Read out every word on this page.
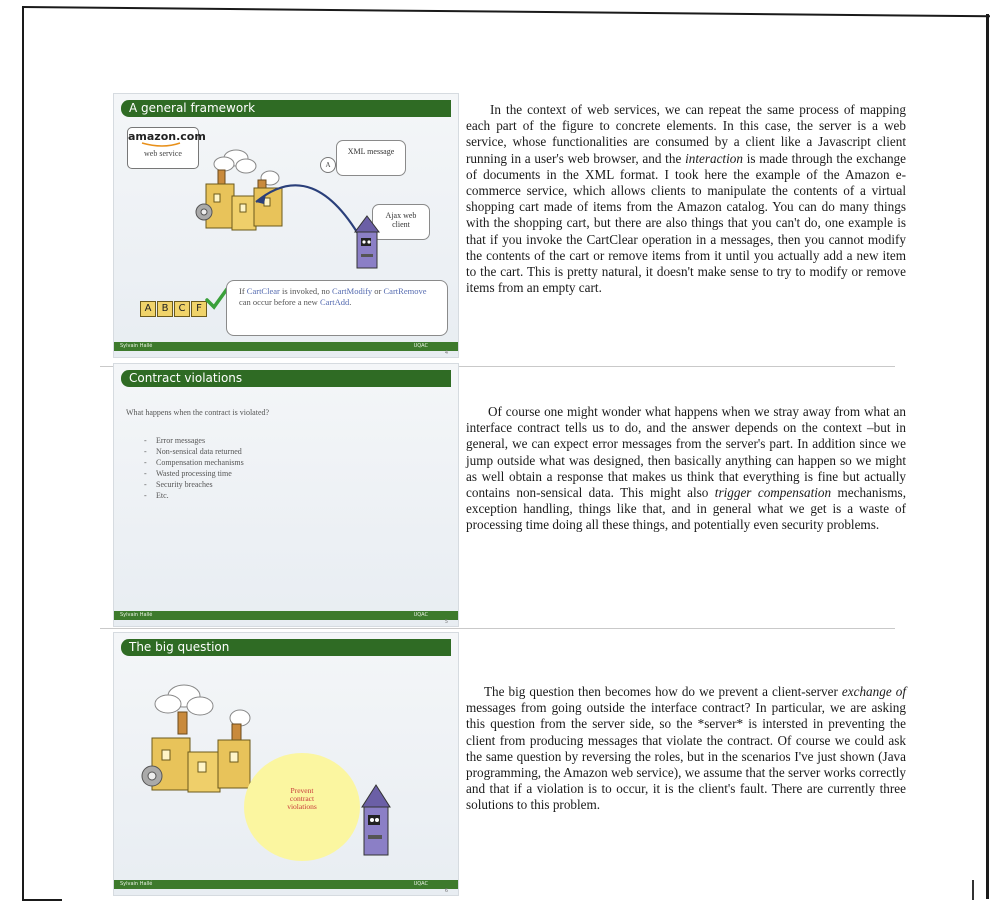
A general framework
amazon.com
web service
A
XML message
Ajax web client
A B C F
If CartClear is invoked, no CartModify or CartRemove can occur before a new CartAdd.
Sylvain Hallé	UQAC
4
Contract violations
What happens when the contract is violated?
- Error messages
- Non-sensical data returned
- Compensation mechanisms
- Wasted processing time
- Security breaches
- Etc.
Sylvain Hallé	UQAC
5
The big question
Prevent contract violations
Sylvain Hallé	UQAC
6

In the context of web services, we can repeat the same process of mapping each part of the figure to concrete elements. In this case, the server is a web service, whose functionalities are consumed by a client like a Javascript client running in a user's web browser, and the interaction is made through the exchange of documents in the XML format. I took here the example of the Amazon e-commerce service, which allows clients to manipulate the contents of a virtual shopping cart made of items from the Amazon catalog. You can do many things with the shopping cart, but there are also things that you can't do, one example is that if you invoke the CartClear operation in a messages, then you cannot modify the contents of the cart or remove items from it until you actually add a new item to the cart. This is pretty natural, it doesn't make sense to try to modify or remove items from an empty cart.

Of course one might wonder what happens when we stray away from what an interface contract tells us to do, and the answer depends on the context –but in general, we can expect error messages from the server's part. In addition since we jump outside what was designed, then basically anything can happen so we might as well obtain a response that makes us think that everything is fine but actually contains non-sensical data. This might also trigger compensation mechanisms, exception handling, things like that, and in general what we get is a waste of processing time doing all these things, and potentially even security problems.

The big question then becomes how do we prevent a client-server exchange of messages from going outside the interface contract? In particular, we are asking this question from the server side, so the *server* is intersted in preventing the client from producing messages that violate the contract. Of course we could ask the same question by reversing the roles, but in the scenarios I've just shown (Java programming, the Amazon web service), we assume that the server works correctly and that if a violation is to occur, it is the client's fault. There are currently three solutions to this problem.
